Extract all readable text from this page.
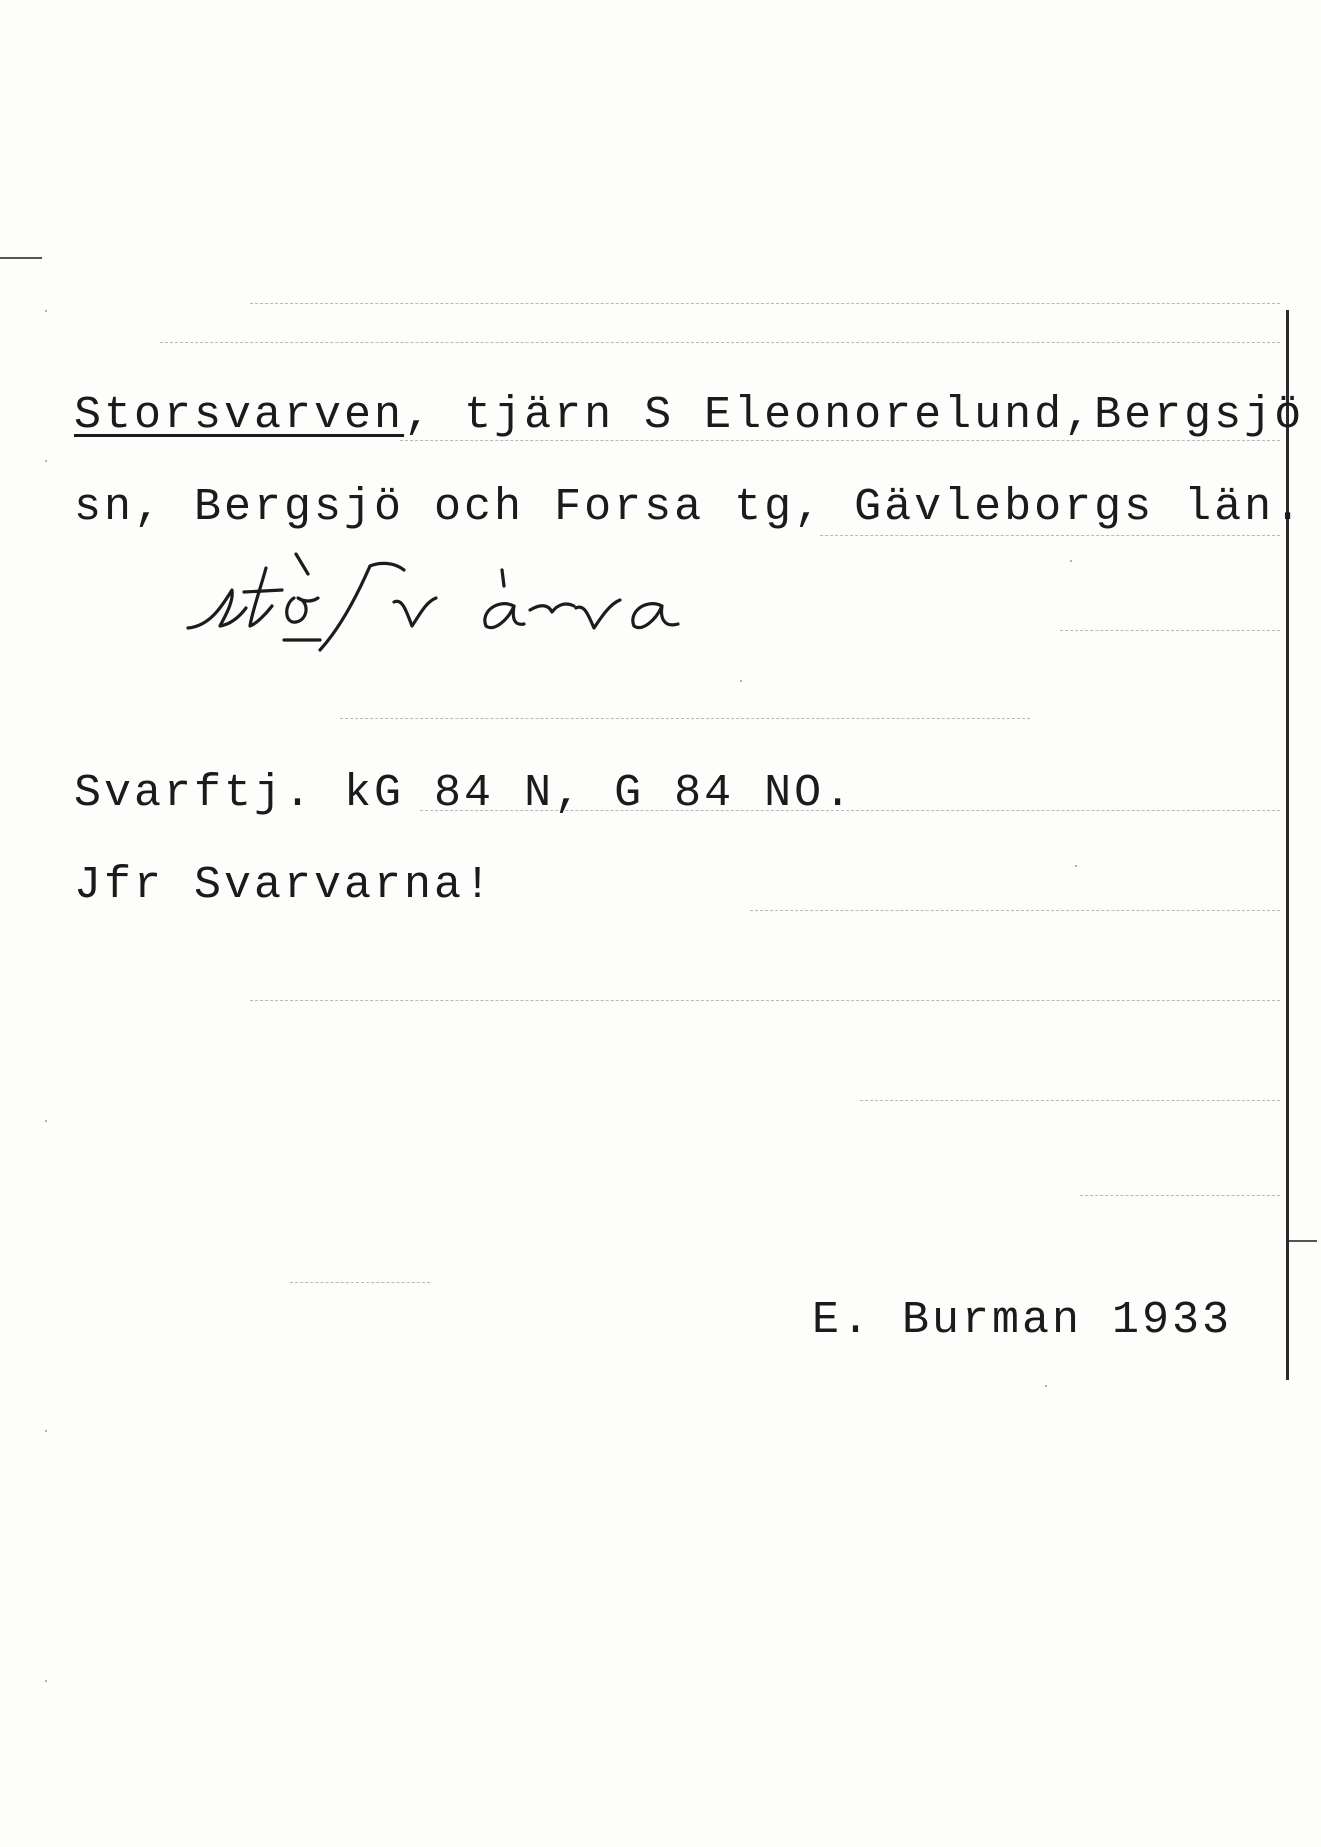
Storsvarven, tjärn S Eleonorelund,Bergsjö
sn, Bergsjö och Forsa tg, Gävleborgs län.
Svarftj. kG 84 N, G 84 NO.
Jfr Svarvarna!
E. Burman 1933
